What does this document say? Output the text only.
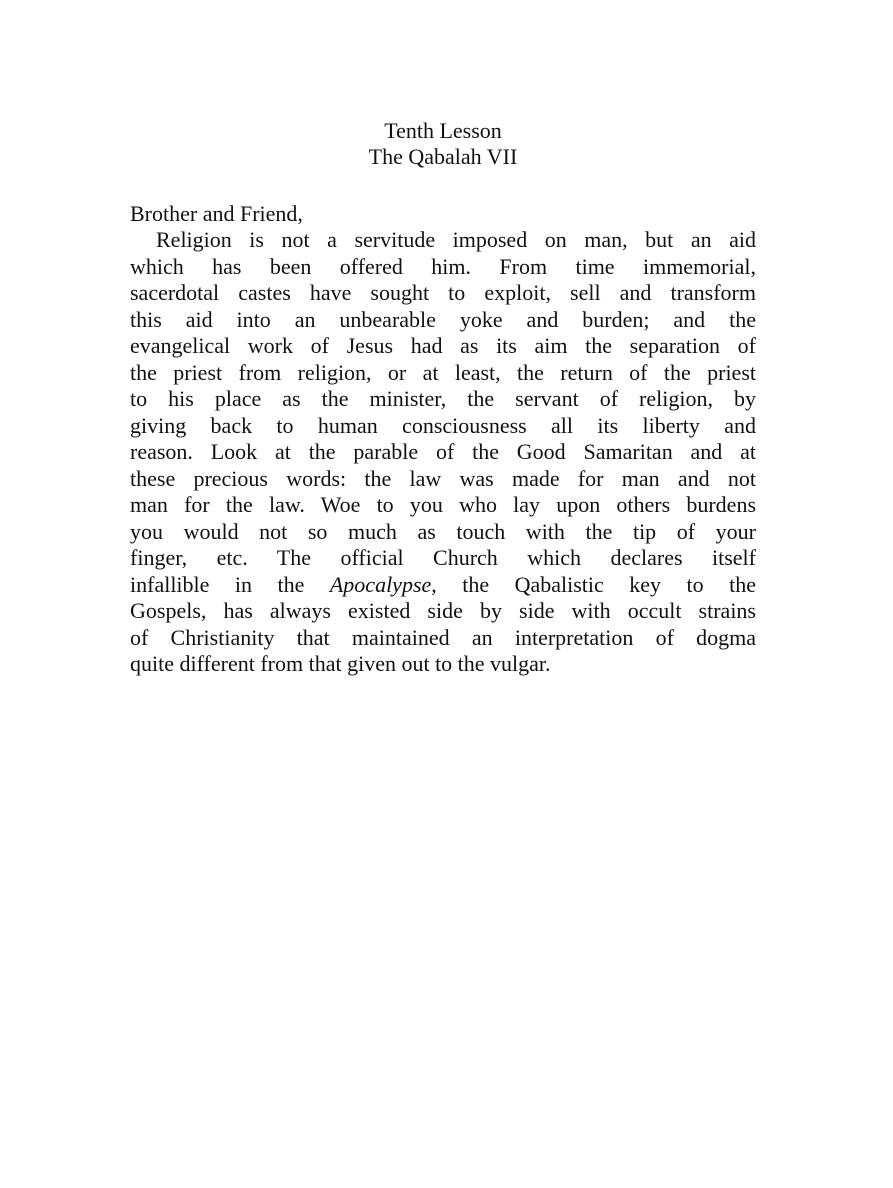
Tenth Lesson
The Qabalah VII
Brother and Friend,
Religion is not a servitude imposed on man, but an aid
which has been offered him. From time immemorial,
sacerdotal castes have sought to exploit, sell and transform
this aid into an unbearable yoke and burden; and the
evangelical work of Jesus had as its aim the separation of
the priest from religion, or at least, the return of the priest
to his place as the minister, the servant of religion, by
giving back to human consciousness all its liberty and
reason. Look at the parable of the Good Samaritan and at
these precious words: the law was made for man and not
man for the law. Woe to you who lay upon others burdens
you would not so much as touch with the tip of your
finger, etc. The official Church which declares itself
infallible in the Apocalypse, the Qabalistic key to the
Gospels, has always existed side by side with occult strains
of Christianity that maintained an interpretation of dogma
quite different from that given out to the vulgar.
